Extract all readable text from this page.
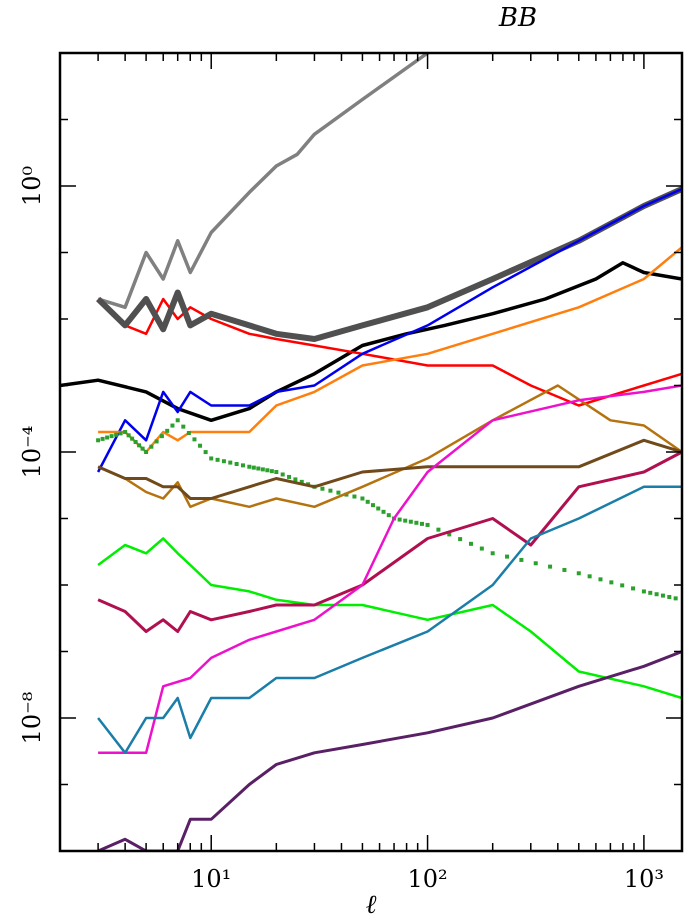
BB
10¹	10²	10³
10⁰
10⁻⁴
10⁻⁸
ℓ
